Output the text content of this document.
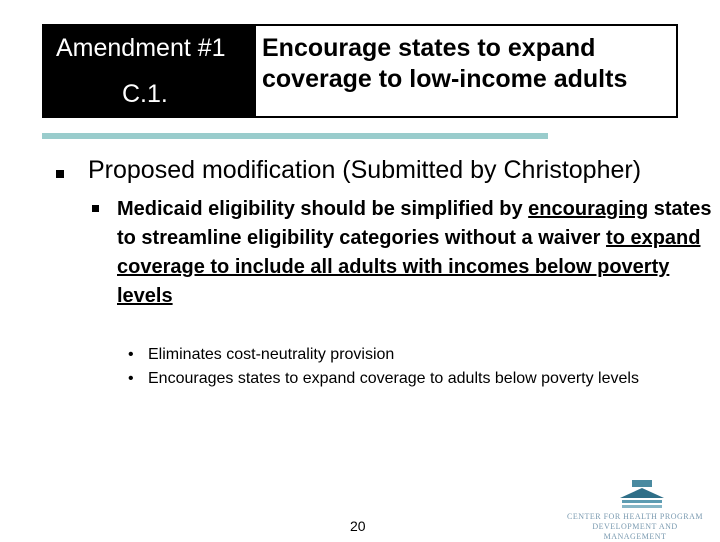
Amendment #1
C.1.
Encourage states to expand
coverage to low-income adults
Proposed modification (Submitted by Christopher)
Medicaid eligibility should be simplified by encouraging states to streamline eligibility categories without a waiver to expand coverage to include all adults with incomes below poverty levels
• Eliminates cost-neutrality provision
• Encourages states to expand coverage to adults below poverty levels
20
CENTER FOR HEALTH PROGRAM
DEVELOPMENT AND MANAGEMENT
